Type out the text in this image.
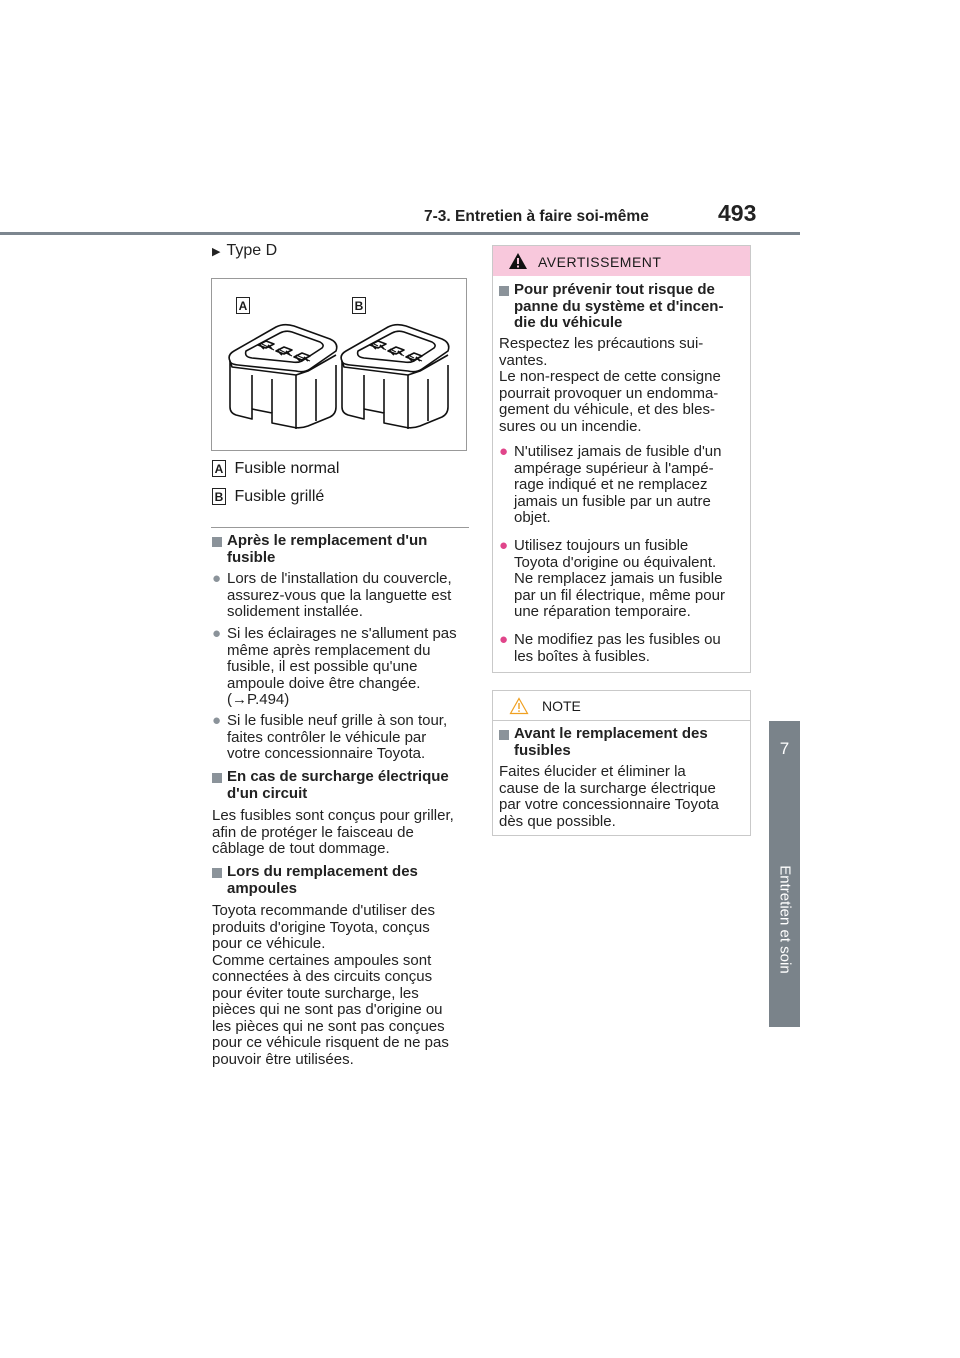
7-3. Entretien à faire soi-même	493
7
Entretien et soin
▶ Type D
A	B
A Fusible normal
B Fusible grillé
Après le remplacement d'un
fusible
● Lors de l'installation du couvercle,
assurez-vous que la languette est
solidement installée.
● Si les éclairages ne s'allument pas
même après remplacement du
fusible, il est possible qu'une
ampoule doive être changée.
(→P.494)
● Si le fusible neuf grille à son tour,
faites contrôler le véhicule par
votre concessionnaire Toyota.
En cas de surcharge électrique
d'un circuit
Les fusibles sont conçus pour griller,
afin de protéger le faisceau de
câblage de tout dommage.
Lors du remplacement des
ampoules
Toyota recommande d'utiliser des
produits d'origine Toyota, conçus
pour ce véhicule.
Comme certaines ampoules sont
connectées à des circuits conçus
pour éviter toute surcharge, les
pièces qui ne sont pas d'origine ou
les pièces qui ne sont pas conçues
pour ce véhicule risquent de ne pas
pouvoir être utilisées.
AVERTISSEMENT
Pour prévenir tout risque de
panne du système et d'incen-
die du véhicule
Respectez les précautions sui-
vantes.
Le non-respect de cette consigne
pourrait provoquer un endomma-
gement du véhicule, et des bles-
sures ou un incendie.
● N'utilisez jamais de fusible d'un
ampérage supérieur à l'ampé-
rage indiqué et ne remplacez
jamais un fusible par un autre
objet.
● Utilisez toujours un fusible
Toyota d'origine ou équivalent.
Ne remplacez jamais un fusible
par un fil électrique, même pour
une réparation temporaire.
● Ne modifiez pas les fusibles ou
les boîtes à fusibles.
NOTE
Avant le remplacement des
fusibles
Faites élucider et éliminer la
cause de la surcharge électrique
par votre concessionnaire Toyota
dès que possible.
